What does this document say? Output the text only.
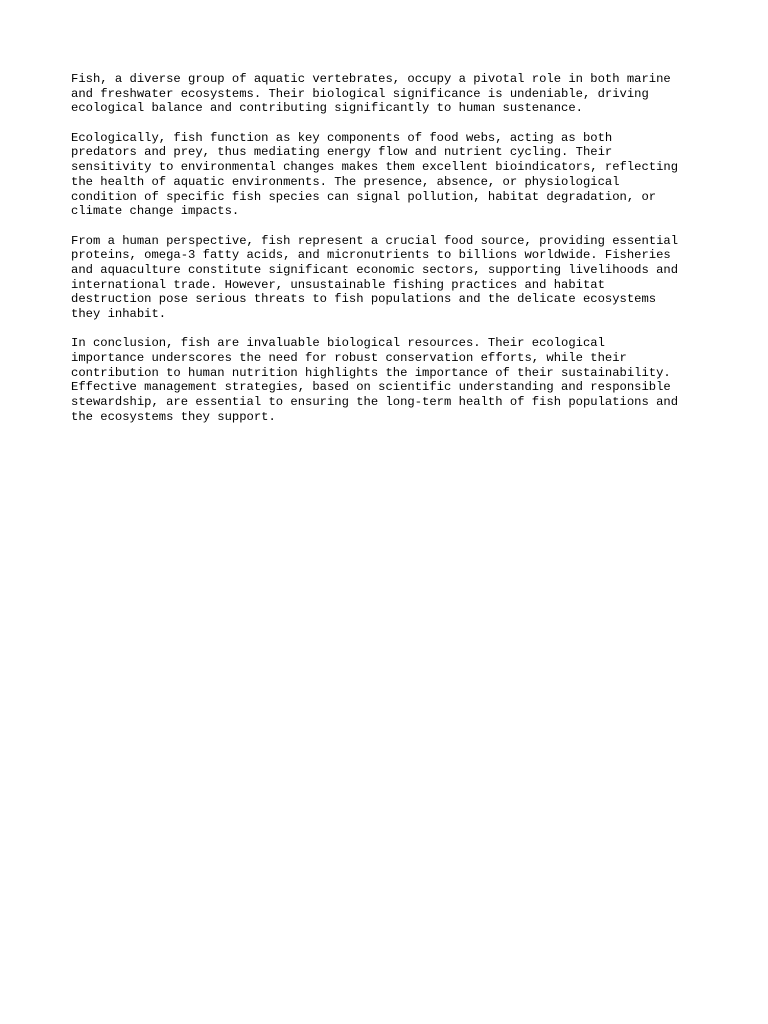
Fish, a diverse group of aquatic vertebrates, occupy a pivotal role in both marine
and freshwater ecosystems. Their biological significance is undeniable, driving
ecological balance and contributing significantly to human sustenance.

Ecologically, fish function as key components of food webs, acting as both
predators and prey, thus mediating energy flow and nutrient cycling. Their
sensitivity to environmental changes makes them excellent bioindicators, reflecting
the health of aquatic environments. The presence, absence, or physiological
condition of specific fish species can signal pollution, habitat degradation, or
climate change impacts.

From a human perspective, fish represent a crucial food source, providing essential
proteins, omega-3 fatty acids, and micronutrients to billions worldwide. Fisheries
and aquaculture constitute significant economic sectors, supporting livelihoods and
international trade. However, unsustainable fishing practices and habitat
destruction pose serious threats to fish populations and the delicate ecosystems
they inhabit.

In conclusion, fish are invaluable biological resources. Their ecological
importance underscores the need for robust conservation efforts, while their
contribution to human nutrition highlights the importance of their sustainability.
Effective management strategies, based on scientific understanding and responsible
stewardship, are essential to ensuring the long-term health of fish populations and
the ecosystems they support.
